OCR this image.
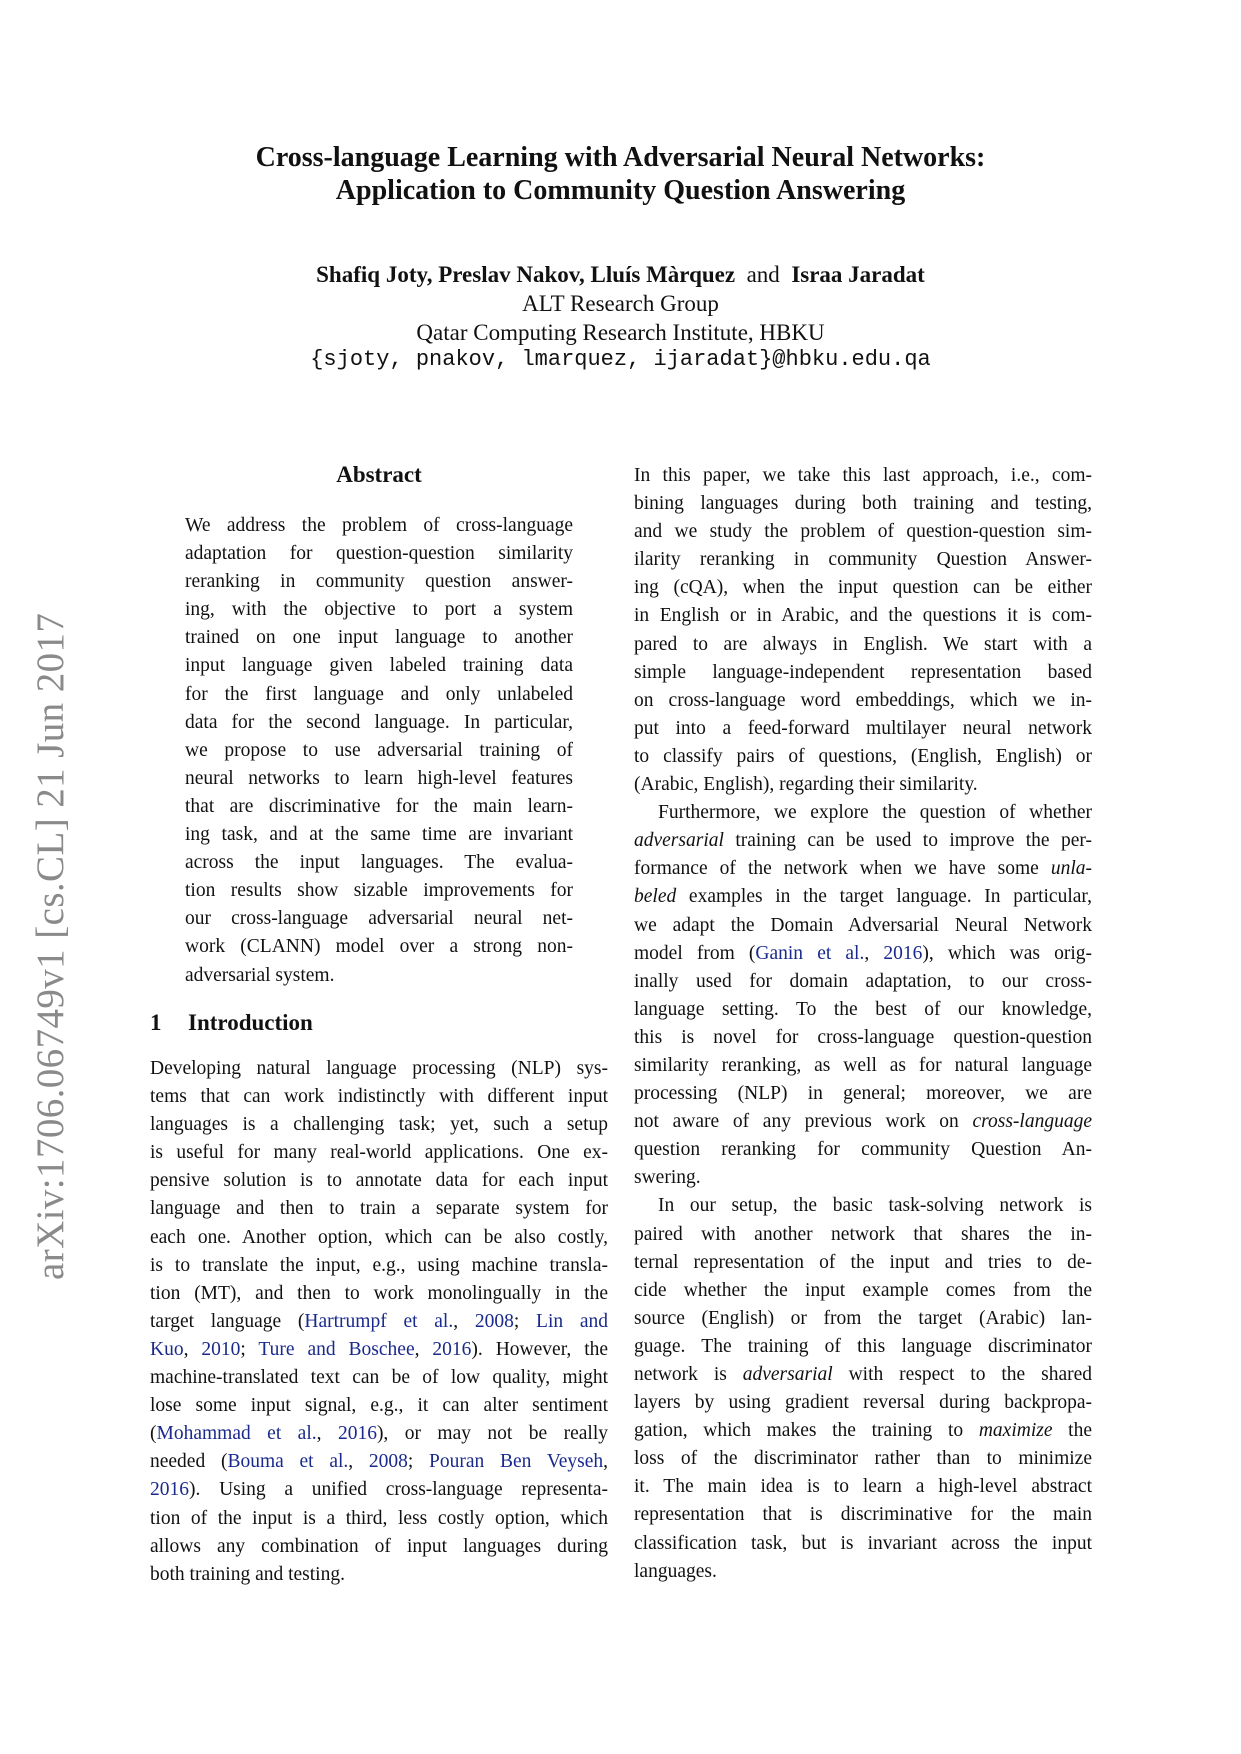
arXiv:1706.06749v1 [cs.CL] 21 Jun 2017
Cross-language Learning with Adversarial Neural Networks:
Application to Community Question Answering
Shafiq Joty, Preslav Nakov, Lluís Màrquez and Israa Jaradat
ALT Research Group
Qatar Computing Research Institute, HBKU
{sjoty, pnakov, lmarquez, ijaradat}@hbku.edu.qa
Abstract
We address the problem of cross-language
adaptation for question-question similarity
reranking in community question answer-
ing, with the objective to port a system
trained on one input language to another
input language given labeled training data
for the first language and only unlabeled
data for the second language. In particular,
we propose to use adversarial training of
neural networks to learn high-level features
that are discriminative for the main learn-
ing task, and at the same time are invariant
across the input languages. The evalua-
tion results show sizable improvements for
our cross-language adversarial neural net-
work (CLANN) model over a strong non-
adversarial system.
1 Introduction
Developing natural language processing (NLP) sys-
tems that can work indistinctly with different input
languages is a challenging task; yet, such a setup
is useful for many real-world applications. One ex-
pensive solution is to annotate data for each input
language and then to train a separate system for
each one. Another option, which can be also costly,
is to translate the input, e.g., using machine transla-
tion (MT), and then to work monolingually in the
target language (Hartrumpf et al., 2008; Lin and
Kuo, 2010; Ture and Boschee, 2016). However, the
machine-translated text can be of low quality, might
lose some input signal, e.g., it can alter sentiment
(Mohammad et al., 2016), or may not be really
needed (Bouma et al., 2008; Pouran Ben Veyseh,
2016). Using a unified cross-language representa-
tion of the input is a third, less costly option, which
allows any combination of input languages during
both training and testing.
In this paper, we take this last approach, i.e., com-
bining languages during both training and testing,
and we study the problem of question-question sim-
ilarity reranking in community Question Answer-
ing (cQA), when the input question can be either
in English or in Arabic, and the questions it is com-
pared to are always in English. We start with a
simple language-independent representation based
on cross-language word embeddings, which we in-
put into a feed-forward multilayer neural network
to classify pairs of questions, (English, English) or
(Arabic, English), regarding their similarity.
Furthermore, we explore the question of whether
adversarial training can be used to improve the per-
formance of the network when we have some unla-
beled examples in the target language. In particular,
we adapt the Domain Adversarial Neural Network
model from (Ganin et al., 2016), which was orig-
inally used for domain adaptation, to our cross-
language setting. To the best of our knowledge,
this is novel for cross-language question-question
similarity reranking, as well as for natural language
processing (NLP) in general; moreover, we are
not aware of any previous work on cross-language
question reranking for community Question An-
swering.
In our setup, the basic task-solving network is
paired with another network that shares the in-
ternal representation of the input and tries to de-
cide whether the input example comes from the
source (English) or from the target (Arabic) lan-
guage. The training of this language discriminator
network is adversarial with respect to the shared
layers by using gradient reversal during backpropa-
gation, which makes the training to maximize the
loss of the discriminator rather than to minimize
it. The main idea is to learn a high-level abstract
representation that is discriminative for the main
classification task, but is invariant across the input
languages.
